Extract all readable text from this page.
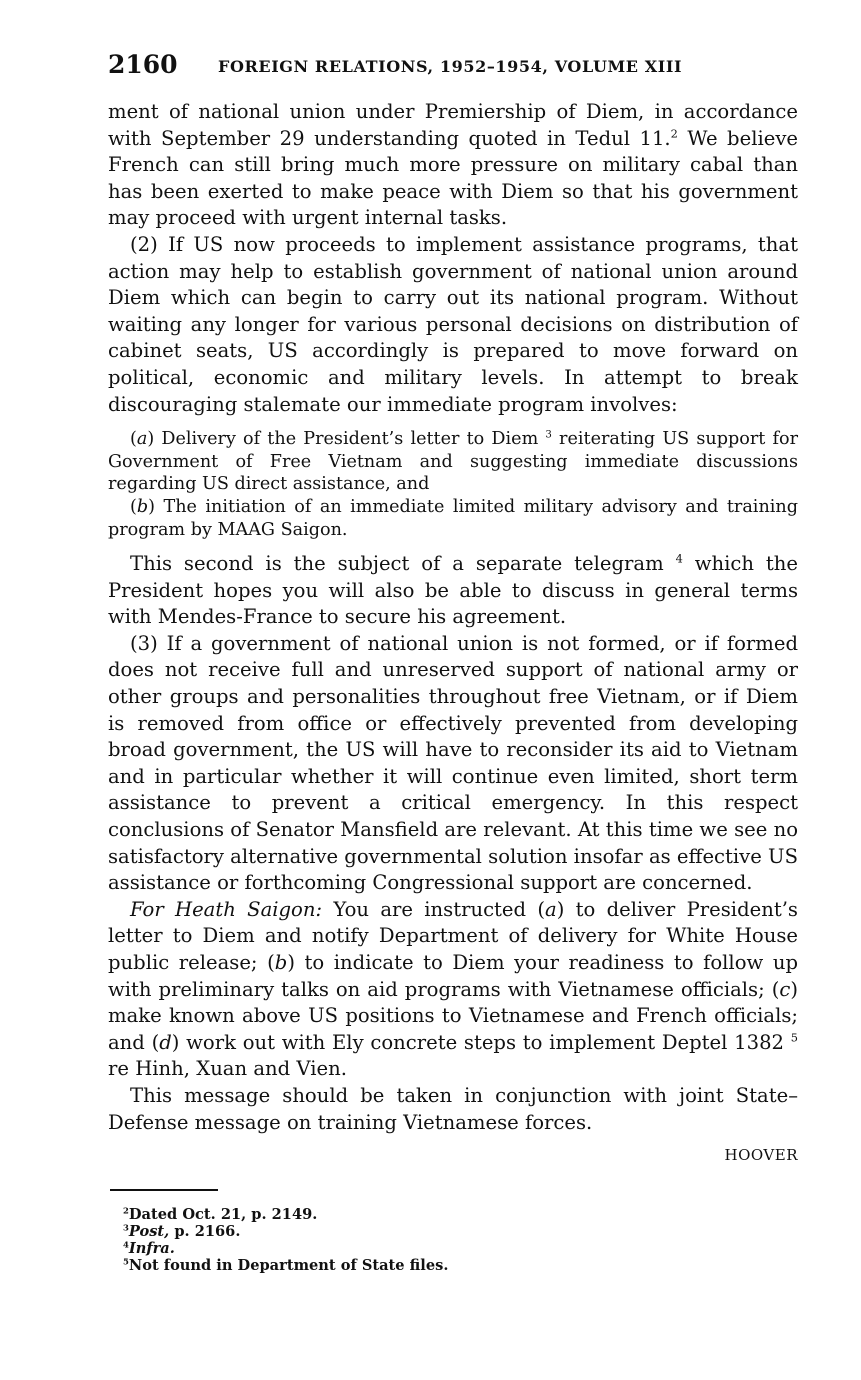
2160	FOREIGN RELATIONS, 1952–1954, VOLUME XIII

ment of national union under Premiership of Diem, in accordance with September 29 understanding quoted in Tedul 11.$^2$ We believe French can still bring much more pressure on military cabal than has been exerted to make peace with Diem so that his government may proceed with urgent internal tasks.

(2) If US now proceeds to implement assistance programs, that action may help to establish government of national union around Diem which can begin to carry out its national program. Without waiting any longer for various personal decisions on distribution of cabinet seats, US accordingly is prepared to move forward on political, economic and military levels. In attempt to break discouraging stalemate our immediate program involves:

(a) Delivery of the President’s letter to Diem $^3$ reiterating US support for Government of Free Vietnam and suggesting immediate discussions regarding US direct assistance, and

(b) The initiation of an immediate limited military advisory and training program by MAAG Saigon.

This second is the subject of a separate telegram $^4$ which the President hopes you will also be able to discuss in general terms with Mendes-France to secure his agreement.

(3) If a government of national union is not formed, or if formed does not receive full and unreserved support of national army or other groups and personalities throughout free Vietnam, or if Diem is removed from office or effectively prevented from developing broad government, the US will have to reconsider its aid to Vietnam and in particular whether it will continue even limited, short term assistance to prevent a critical emergency. In this respect conclusions of Senator Mansfield are relevant. At this time we see no satisfactory alternative governmental solution insofar as effective US assistance or forthcoming Congressional support are concerned.

For Heath Saigon: You are instructed (a) to deliver President’s letter to Diem and notify Department of delivery for White House public release; (b) to indicate to Diem your readiness to follow up with preliminary talks on aid programs with Vietnamese officials; (c) make known above US positions to Vietnamese and French officials; and (d) work out with Ely concrete steps to implement Deptel 1382 $^5$ re Hinh, Xuan and Vien.

This message should be taken in conjunction with joint State–Defense message on training Vietnamese forces.

HOOVER

$^2$Dated Oct. 21, p. 2149.
$^3$Post, p. 2166.
$^4$Infra.
$^5$Not found in Department of State files.
